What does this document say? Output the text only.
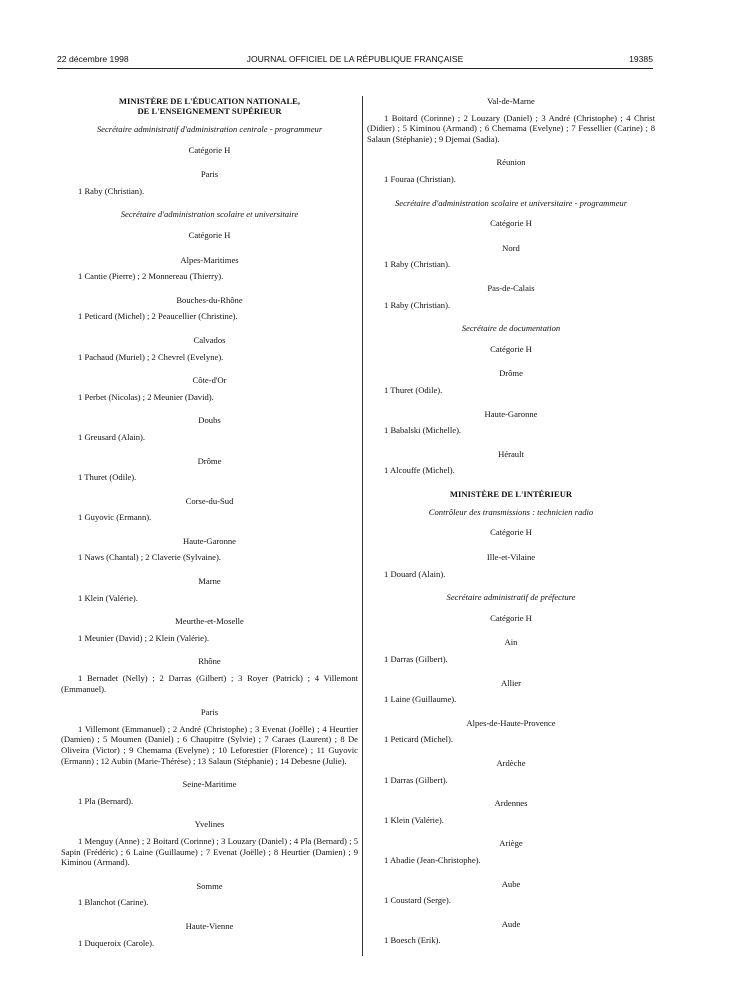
22 décembre 1998	JOURNAL OFFICIEL DE LA RÉPUBLIQUE FRANÇAISE	19385
MINISTÈRE DE L'ÉDUCATION NATIONALE,
DE L'ENSEIGNEMENT SUPÉRIEUR
Secrétaire administratif d'administration centrale - programmeur
Catégorie H
Paris
1 Raby (Christian).
Secrétaire d'administration scolaire et universitaire
Catégorie H
Alpes-Maritimes
1 Cantie (Pierre) ; 2 Monnereau (Thierry).
Bouches-du-Rhône
1 Peticard (Michel) ; 2 Peaucellier (Christine).
Calvados
1 Pachaud (Muriel) ; 2 Chevrel (Evelyne).
Côte-d'Or
1 Perbet (Nicolas) ; 2 Meunier (David).
Doubs
1 Greusard (Alain).
Drôme
1 Thuret (Odile).
Corse-du-Sud
1 Guyovic (Ermann).
Haute-Garonne
1 Naws (Chantal) ; 2 Claverie (Sylvaine).
Marne
1 Klein (Valérie).
Meurthe-et-Moselle
1 Meunier (David) ; 2 Klein (Valérie).
Rhône
1 Bernadet (Nelly) ; 2 Darras (Gilbert) ; 3 Royer (Patrick) ; 4 Villemont (Emmanuel).
Paris
1 Villemont (Emmanuel) ; 2 André (Christophe) ; 3 Evenat (Joëlle) ; 4 Heurtier (Damien) ; 5 Moumen (Daniel) ; 6 Chaupitre (Sylvie) ; 7 Caraes (Laurent) ; 8 De Oliveira (Victor) ; 9 Chemama (Evelyne) ; 10 Leforestier (Florence) ; 11 Guyovic (Ermann) ; 12 Aubin (Marie-Thérèse) ; 13 Salaun (Stéphanie) ; 14 Debesne (Julie).
Seine-Maritime
1 Pla (Bernard).
Yvelines
1 Menguy (Anne) ; 2 Boitard (Corinne) ; 3 Louzary (Daniel) ; 4 Pla (Bernard) ; 5 Sapin (Frédéric) ; 6 Laine (Guillaume) ; 7 Evenat (Joëlle) ; 8 Heurtier (Damien) ; 9 Kiminou (Armand).
Somme
1 Blanchot (Carine).
Haute-Vienne
1 Duqueroix (Carole).
Val-de-Marne
1 Boitard (Corinne) ; 2 Louzary (Daniel) ; 3 André (Christophe) ; 4 Christ (Didier) ; 5 Kiminou (Armand) ; 6 Chemama (Evelyne) ; 7 Fessellier (Carine) ; 8 Salaun (Stéphanie) ; 9 Djemai (Sadia).
Réunion
1 Fouraa (Christian).
Secrétaire d'administration scolaire et universitaire - programmeur
Catégorie H
Nord
1 Raby (Christian).
Pas-de-Calais
1 Raby (Christian).
Secrétaire de documentation
Catégorie H
Drôme
1 Thuret (Odile).
Haute-Garonne
1 Babalski (Michelle).
Hérault
1 Alcouffe (Michel).
MINISTÈRE DE L'INTÉRIEUR
Contrôleur des transmissions : technicien radio
Catégorie H
Ille-et-Vilaine
1 Douard (Alain).
Secrétaire administratif de préfecture
Catégorie H
Ain
1 Darras (Gilbert).
Allier
1 Laine (Guillaume).
Alpes-de-Haute-Provence
1 Peticard (Michel).
Ardèche
1 Darras (Gilbert).
Ardennes
1 Klein (Valérie).
Ariège
1 Abadie (Jean-Christophe).
Aube
1 Coustard (Serge).
Aude
1 Boesch (Erik).
